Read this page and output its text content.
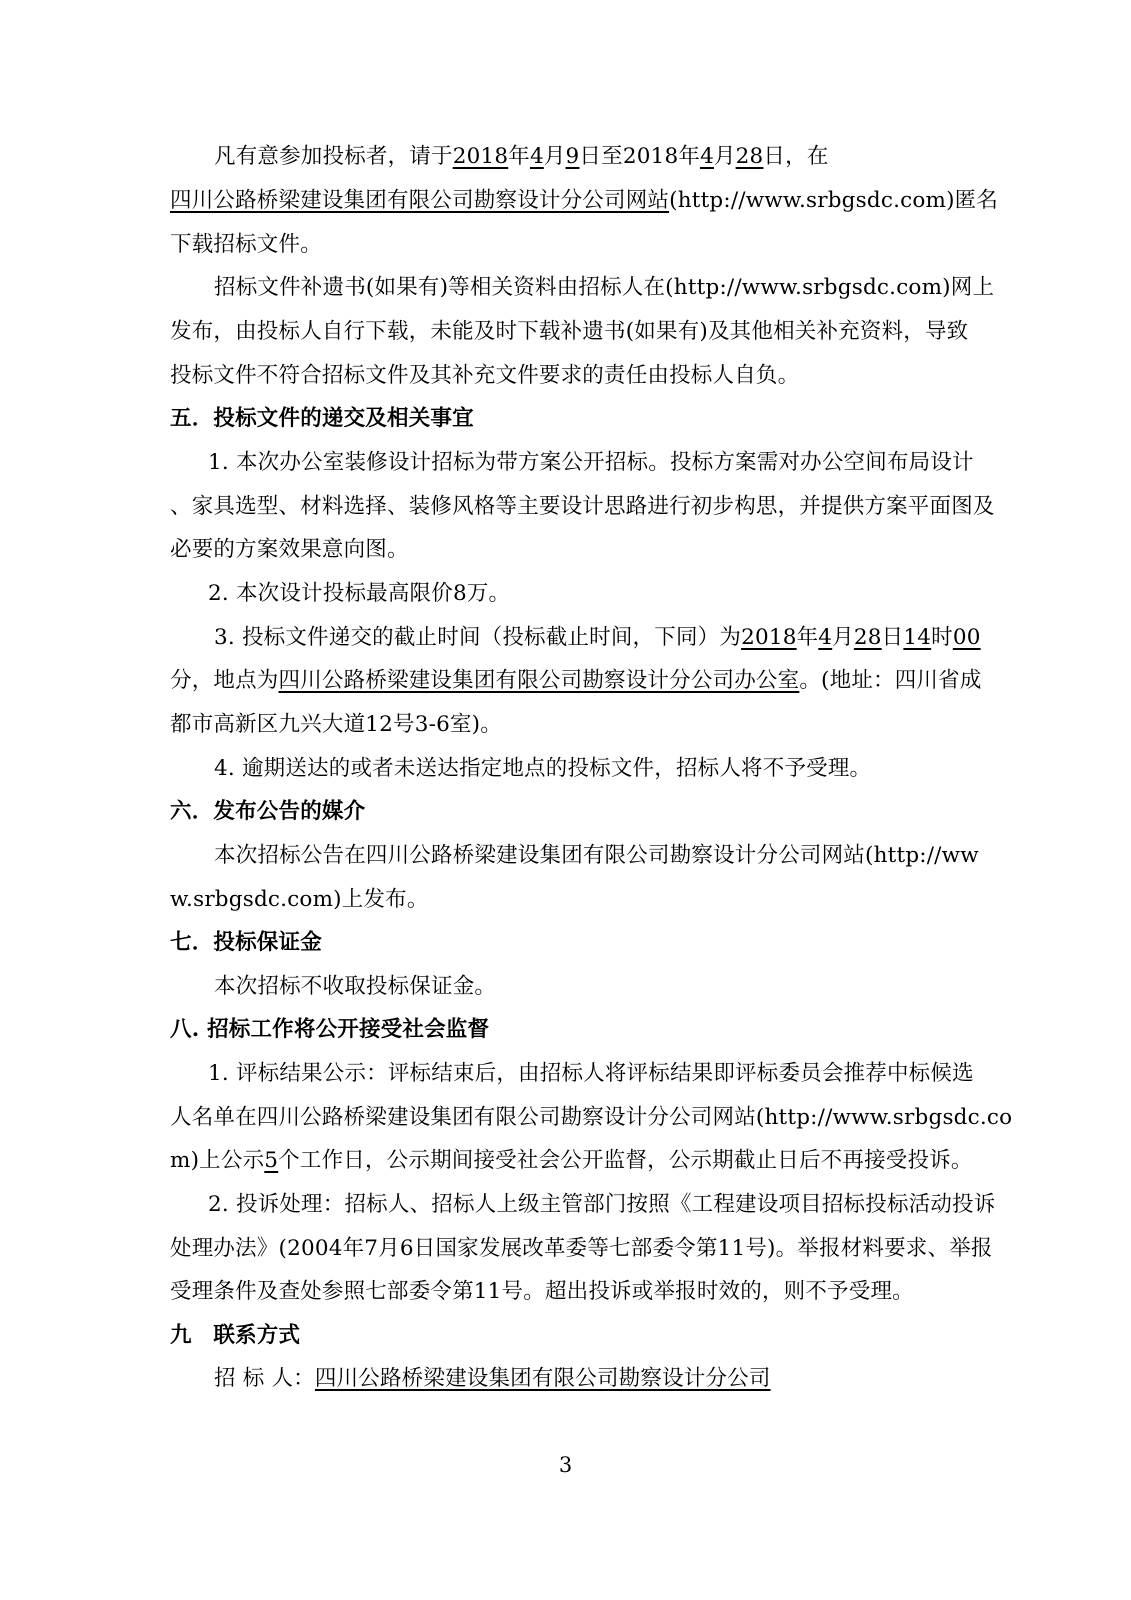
凡有意参加投标者，请于2018年4月9日至2018年4月28日，在
四川公路桥梁建设集团有限公司勘察设计分公司网站(http://www.srbgsdc.com)匿名
下载招标文件。
招标文件补遗书(如果有)等相关资料由招标人在(http://www.srbgsdc.com)网上
发布，由投标人自行下载，未能及时下载补遗书(如果有)及其他相关补充资料，导致
投标文件不符合招标文件及其补充文件要求的责任由投标人自负。
五．投标文件的递交及相关事宜
1. 本次办公室装修设计招标为带方案公开招标。投标方案需对办公空间布局设计
、家具选型、材料选择、装修风格等主要设计思路进行初步构思，并提供方案平面图及
必要的方案效果意向图。
2. 本次设计投标最高限价8万。
3. 投标文件递交的截止时间（投标截止时间，下同）为2018年4月28日14时00
分，地点为四川公路桥梁建设集团有限公司勘察设计分公司办公室。(地址：四川省成
都市高新区九兴大道12号3-6室)。
4. 逾期送达的或者未送达指定地点的投标文件，招标人将不予受理。
六．发布公告的媒介
本次招标公告在四川公路桥梁建设集团有限公司勘察设计分公司网站(http://ww
w.srbgsdc.com)上发布。
七．投标保证金
本次招标不收取投标保证金。
八. 招标工作将公开接受社会监督
1. 评标结果公示：评标结束后，由招标人将评标结果即评标委员会推荐中标候选
人名单在四川公路桥梁建设集团有限公司勘察设计分公司网站(http://www.srbgsdc.co
m)上公示5个工作日，公示期间接受社会公开监督，公示期截止日后不再接受投诉。
2. 投诉处理：招标人、招标人上级主管部门按照《工程建设项目招标投标活动投诉
处理办法》(2004年7月6日国家发展改革委等七部委令第11号)。举报材料要求、举报
受理条件及查处参照七部委令第11号。超出投诉或举报时效的，则不予受理。
九　联系方式
招 标 人：四川公路桥梁建设集团有限公司勘察设计分公司
3
